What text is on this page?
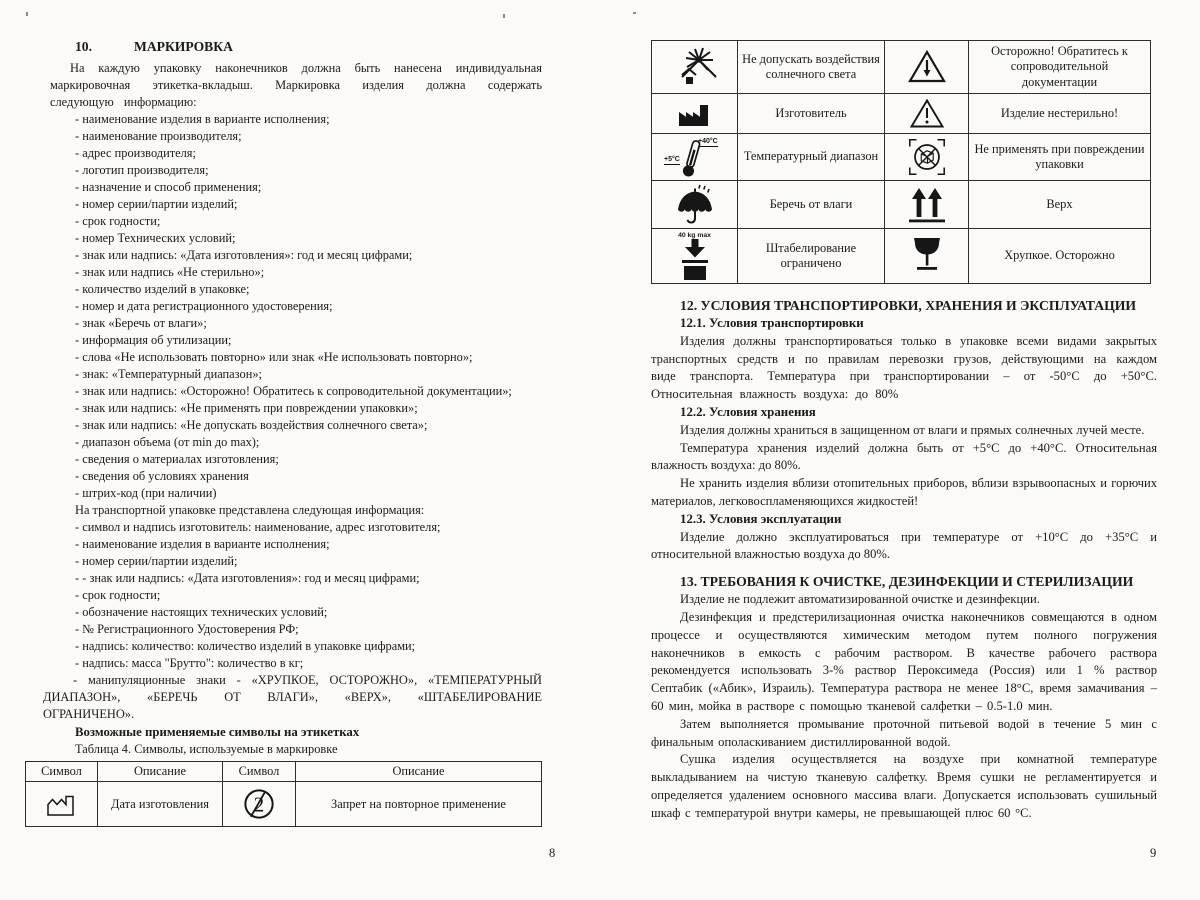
10.	МАРКИРОВКА
На каждую упаковку наконечников должна быть нанесена индивидуальная маркировочная этикетка-вкладыш. Маркировка изделия должна содержать следующую информацию:
- наименование изделия в варианте исполнения;
- наименование производителя;
- адрес производителя;
- логотип производителя;
- назначение и способ применения;
- номер серии/партии изделий;
- срок годности;
- номер Технических условий;
- знак или надпись: «Дата изготовления»: год и месяц цифрами;
- знак или надпись «Не стерильно»;
- количество изделий в упаковке;
- номер и дата регистрационного удостоверения;
- знак «Беречь от влаги»;
- информация об утилизации;
- слова «Не использовать повторно» или знак «Не использовать повторно»;
- знак: «Температурный диапазон»;
- знак или надпись: «Осторожно! Обратитесь к сопроводительной документации»;
- знак или надпись: «Не применять при повреждении упаковки»;
- знак или надпись: «Не допускать воздействия солнечного света»;
- диапазон объема (от min до max);
- сведения о материалах изготовления;
- сведения об условиях хранения
- штрих-код (при наличии)
На транспортной упаковке представлена следующая информация:
- символ и надпись изготовитель: наименование, адрес изготовителя;
- наименование изделия в варианте исполнения;
- номер серии/партии изделий;
- - знак или надпись: «Дата изготовления»: год и месяц цифрами;
- срок годности;
- обозначение настоящих технических условий;
- № Регистрационного Удостоверения РФ;
- надпись: количество: количество изделий в упаковке цифрами;
- надпись: масса "Брутто": количество в кг;
- манипуляционные знаки - «ХРУПКОЕ, ОСТОРОЖНО», «ТЕМПЕРАТУРНЫЙ ДИАПАЗОН», «БЕРЕЧЬ ОТ ВЛАГИ», «ВЕРХ», «ШТАБЕЛИРОВАНИЕ ОГРАНИЧЕНО».
Возможные применяемые символы на этикетках
Таблица 4. Символы, используемые в маркировке
Символ	Описание	Символ	Описание

	Дата изготовления	2	Запрет на повторное применение
8
	Не допускать воздействия солнечного света		Осторожно! Обратитесь к сопроводительной документации

	Изготовитель		Изделие нестерильно!

+40°C
+5°C	Температурный диапазон		Не применять при повреждении упаковки

	Беречь от влаги		Верх

40 kg max	Штабелирование ограничено		Хрупкое. Осторожно
12. УСЛОВИЯ ТРАНСПОРТИРОВКИ, ХРАНЕНИЯ И ЭКСПЛУАТАЦИИ
12.1. Условия транспортировки
Изделия должны транспортироваться только в упаковке всеми видами закрытых транспортных средств и по правилам перевозки грузов, действующими на каждом виде транспорта. Температура при транспортировании – от -50°С до +50°С. Относительная влажность воздуха: до 80%
12.2. Условия хранения
Изделия должны храниться в защищенном от влаги и прямых солнечных лучей месте.
Температура хранения изделий должна быть от +5°С до +40°С. Относительная влажность воздуха: до 80%.
Не хранить изделия вблизи отопительных приборов, вблизи взрывоопасных и горючих материалов, легковоспламеняющихся жидкостей!
12.3. Условия эксплуатации
Изделие должно эксплуатироваться при температуре от +10°С до +35°С и относительной влажностью воздуха до 80%.
13. ТРЕБОВАНИЯ К ОЧИСТКЕ, ДЕЗИНФЕКЦИИ И СТЕРИЛИЗАЦИИ
Изделие не подлежит автоматизированной очистке и дезинфекции.
Дезинфекция и предстерилизационная очистка наконечников совмещаются в одном процессе и осуществляются химическим методом путем полного погружения наконечников в емкость с рабочим раствором. В качестве рабочего раствора рекомендуется использовать 3-% раствор Пероксимеда (Россия) или 1 % раствор Септабик («Абик», Израиль). Температура раствора не менее 18°С, время замачивания – 60 мин, мойка в растворе с помощью тканевой салфетки – 0.5-1.0 мин.
Затем выполняется промывание проточной питьевой водой в течение 5 мин с финальным ополаскиванием дистиллированной водой.
Сушка изделия осуществляется на воздухе при комнатной температуре выкладыванием на чистую тканевую салфетку. Время сушки не регламентируется и определяется удалением основного массива влаги. Допускается использовать сушильный шкаф с температурой внутри камеры, не превышающей плюс 60 °С.
9
